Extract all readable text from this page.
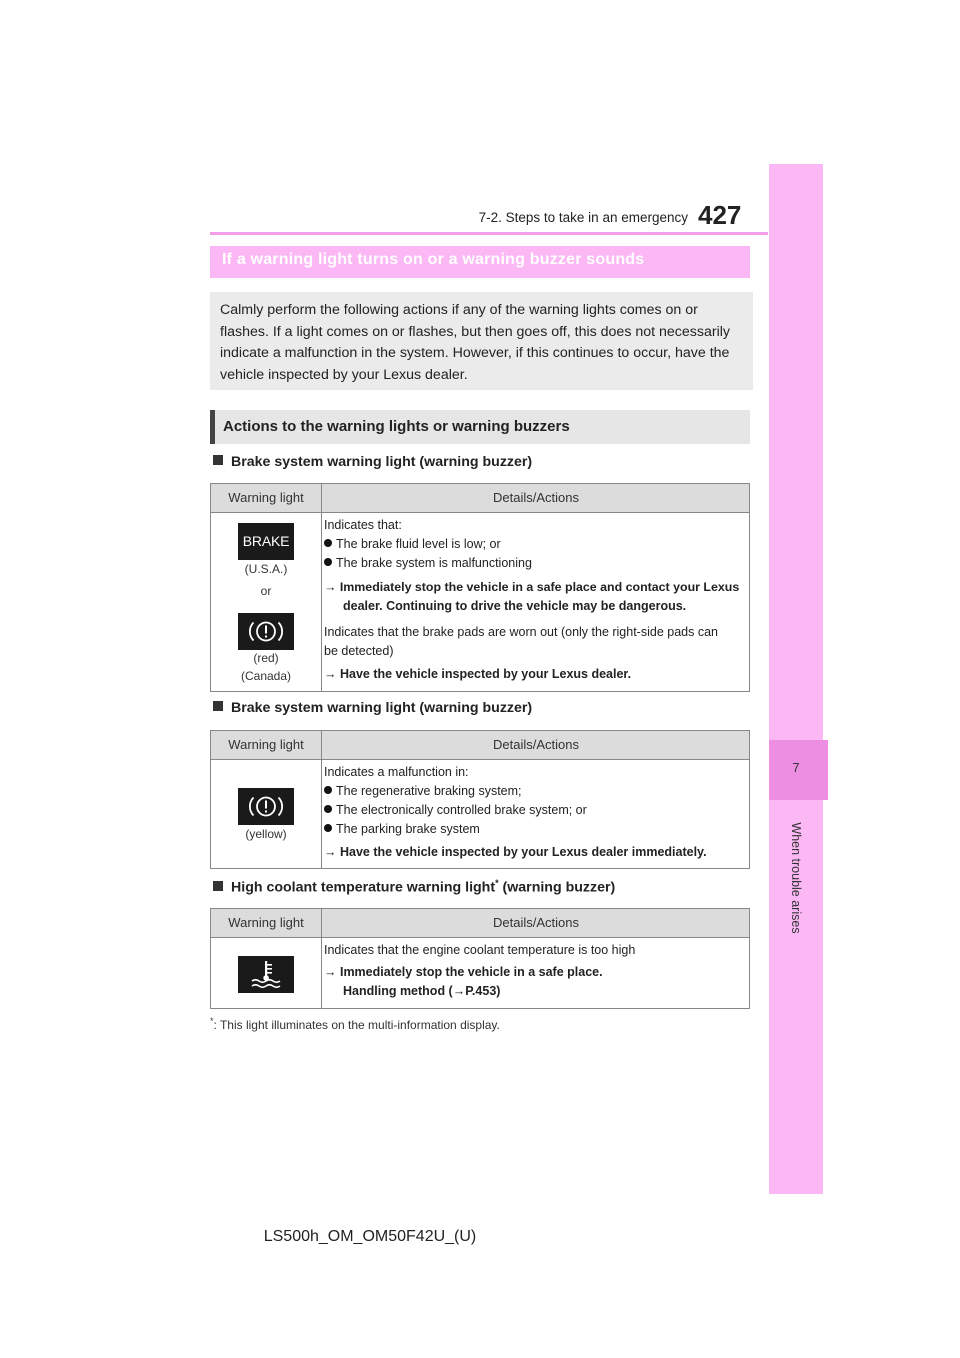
7-2. Steps to take in an emergency 427
7
When trouble arises
If a warning light turns on or a warning buzzer sounds

Calmly perform the following actions if any of the warning lights comes on or flashes. If a light comes on or flashes, but then goes off, this does not necessarily indicate a malfunction in the system. However, if this continues to occur, have the vehicle inspected by your Lexus dealer.

Actions to the warning lights or warning buzzers
Brake system warning light (warning buzzer)
Warning light	Details/Actions
BRAKE
(U.S.A.)
or
(red)
(Canada)
Indicates that:
The brake fluid level is low; or
The brake system is malfunctioning
→ Immediately stop the vehicle in a safe place and contact your Lexus
dealer. Continuing to drive the vehicle may be dangerous.
Indicates that the brake pads are worn out (only the right-side pads can
be detected)
→ Have the vehicle inspected by your Lexus dealer.
Brake system warning light (warning buzzer)
Warning light	Details/Actions
(yellow)
Indicates a malfunction in:
The regenerative braking system;
The electronically controlled brake system; or
The parking brake system
→ Have the vehicle inspected by your Lexus dealer immediately.
High coolant temperature warning light* (warning buzzer)
Warning light	Details/Actions
Indicates that the engine coolant temperature is too high
→ Immediately stop the vehicle in a safe place.
Handling method (→P.453)
*: This light illuminates on the multi-information display.
LS500h_OM_OM50F42U_(U)
